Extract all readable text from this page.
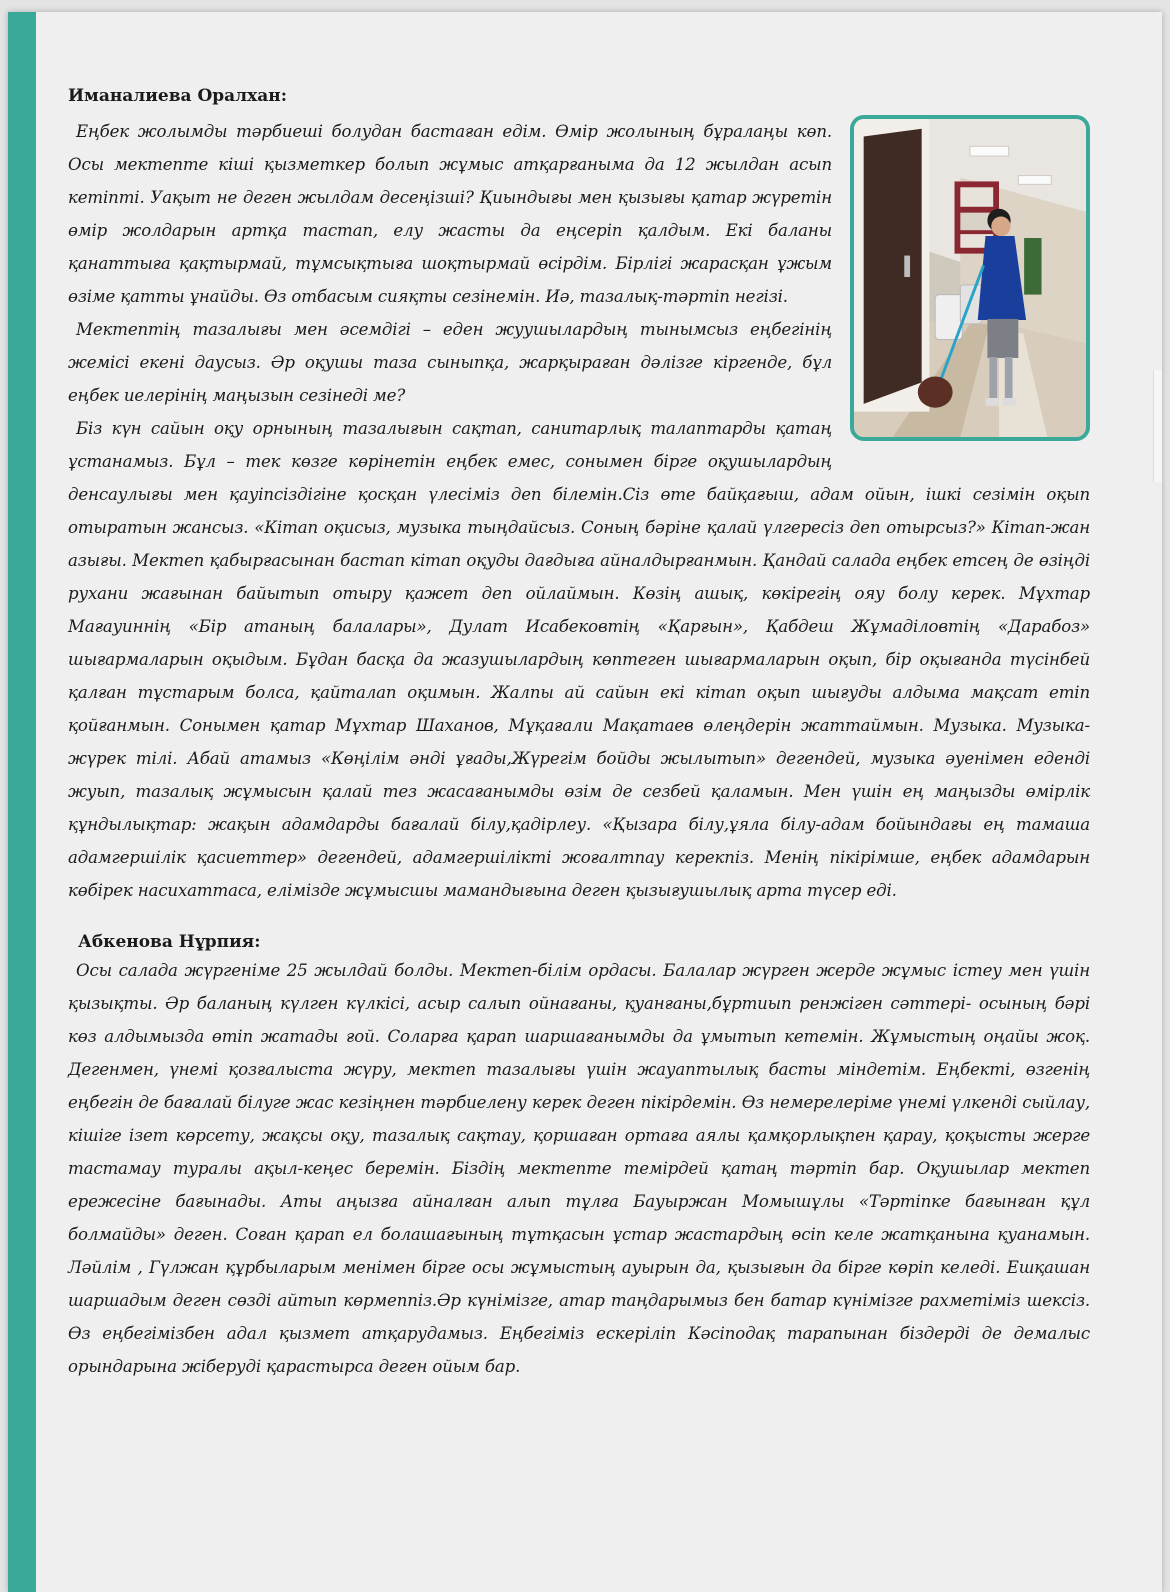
Иманалиева Оралхан:

Еңбек жолымды тәрбиеші болудан бастаған едім. Өмір жолының бұралаңы көп. Осы мектепте кіші қызметкер болып жұмыс атқарғаныма да 12 жылдан асып кетіпті. Уақыт не деген жылдам десеңізші? Қиындығы мен қызығы қатар жүретін өмір жолдарын артқа тастап, елу жасты да еңсеріп қалдым. Екі баланы қанаттыға қақтырмай, тұмсықтыға шоқтырмай өсірдім. Бірлігі жарасқан ұжым өзіме қатты ұнайды. Өз отбасым сияқты сезінемін. Иә, тазалық-тәртіп негізі.

Мектептің тазалығы мен әсемдігі – еден жуушылардың тынымсыз еңбегінің жемісі екені даусыз. Әр оқушы таза сыныпқа, жарқыраған дәлізге кіргенде, бұл еңбек иелерінің маңызын сезінеді ме?

Біз күн сайын оқу орнының тазалығын сақтап, санитарлық талаптарды қатаң ұстанамыз. Бұл – тек көзге көрінетін еңбек емес, сонымен бірге оқушылардың денсаулығы мен қауіпсіздігіне қосқан үлесіміз деп білемін.Сіз өте байқағыш, адам ойын, ішкі сезімін оқып отыратын жансыз. «Кітап оқисыз, музыка тыңдайсыз. Соның бәріне қалай үлгересіз деп отырсыз?» Кітап-жан азығы. Мектеп қабырғасынан бастап кітап оқуды дағдыға айналдырғанмын. Қандай салада еңбек етсең де өзіңді рухани жағынан байытып отыру қажет деп ойлаймын. Көзің ашық, көкірегің ояу болу керек. Мұхтар Мағауиннің «Бір атаның балалары», Дулат Исабековтің «Қарғын», Қабдеш Жұмаділовтің «Дарабоз» шығармаларын оқыдым. Бұдан басқа да жазушылардың көптеген шығармаларын оқып, бір оқығанда түсінбей қалған тұстарым болса, қайталап оқимын. Жалпы ай сайын екі кітап оқып шығуды алдыма мақсат етіп қойғанмын. Сонымен қатар Мұхтар Шаханов, Мұқағали Мақатаев өлеңдерін жаттаймын. Музыка. Музыка-жүрек тілі. Абай атамыз «Көңілім әнді ұғады,Жүрегім бойды жылытып» дегендей, музыка әуенімен еденді жуып, тазалық жұмысын қалай тез жасағанымды өзім де сезбей қаламын. Мен үшін ең маңызды өмірлік құндылықтар: жақын адамдарды бағалай білу,қадірлеу. «Қызара білу,ұяла білу-адам бойындағы ең тамаша адамгершілік қасиеттер» дегендей, адамгершілікті жоғалтпау керекпіз. Менің пікірімше, еңбек адамдарын көбірек насихаттаса, елімізде жұмысшы мамандығына деген қызығушылық арта түсер еді.

Абкенова Нұрпия:

Осы салада жүргеніме 25 жылдай болды. Мектеп-білім ордасы. Балалар жүрген жерде жұмыс істеу мен үшін қызықты. Әр баланың күлген күлкісі, асыр салып ойнағаны, қуанғаны,бұртиып ренжіген сәттері- осының бәрі көз алдымызда өтіп жатады ғой. Соларға қарап шаршағанымды да ұмытып кетемін. Жұмыстың оңайы жоқ. Дегенмен, үнемі қозғалыста жүру, мектеп тазалығы үшін жауаптылық басты міндетім. Еңбекті, өзгенің еңбегін де бағалай білуге жас кезіңнен тәрбиелену керек деген пікірдемін. Өз немерелеріме үнемі үлкенді сыйлау, кішіге ізет көрсету, жақсы оқу, тазалық сақтау, қоршаған ортаға аялы қамқорлықпен қарау, қоқысты жерге тастамау туралы ақыл-кеңес беремін. Біздің мектепте темірдей қатаң тәртіп бар. Оқушылар мектеп ережесіне бағынады. Аты аңызға айналған алып тұлға Бауыржан Момышұлы «Тәртіпке бағынған құл болмайды» деген. Соған қарап ел болашағының тұтқасын ұстар жастардың өсіп келе жатқанына қуанамын. Ләйлім , Гүлжан құрбыларым менімен бірге осы жұмыстың ауырын да, қызығын да бірге көріп келеді. Ешқашан шаршадым деген сөзді айтып көрмеппіз.Әр күнімізге, атар таңдарымыз бен батар күнімізге рахметіміз шексіз. Өз еңбегімізбен адал қызмет атқарудамыз. Еңбегіміз ескеріліп Кәсіподақ тарапынан біздерді де демалыс орындарына жіберуді қарастырса деген ойым бар.
